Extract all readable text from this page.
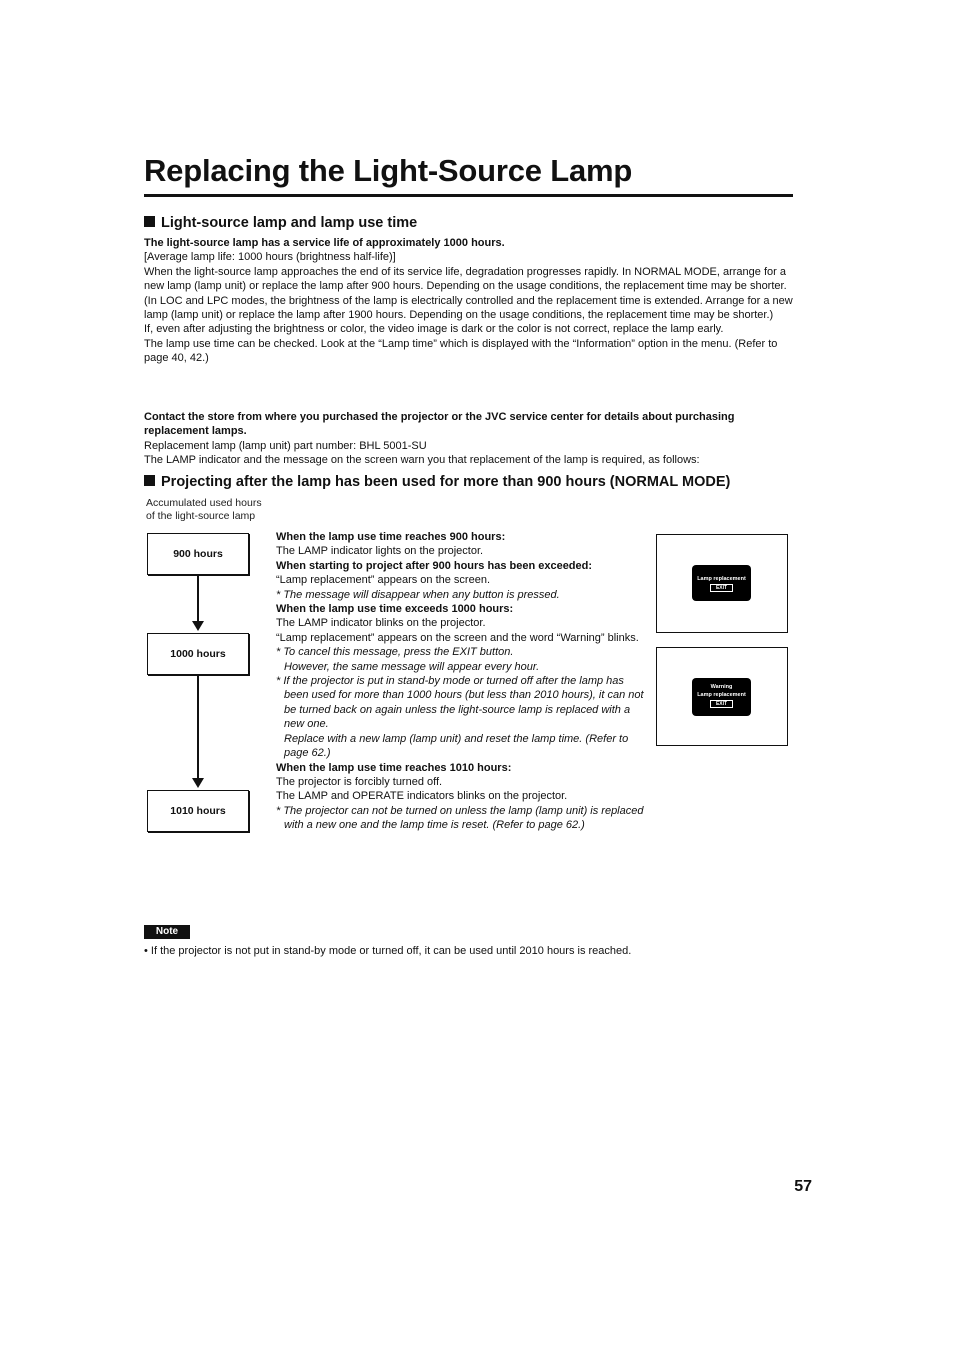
Replacing the Light-Source Lamp
Light-source lamp and lamp use time

The light-source lamp has a service life of approximately 1000 hours.

[Average lamp life: 1000 hours (brightness half-life)]

When the light-source lamp approaches the end of its service life, degradation progresses rapidly. In NORMAL MODE, arrange for a new lamp (lamp unit) or replace the lamp after 900 hours. Depending on the usage conditions, the replacement time may be shorter.

(In LOC and LPC modes, the brightness of the lamp is electrically controlled and the replacement time is extended. Arrange for a new lamp (lamp unit) or replace the lamp after 1900 hours. Depending on the usage conditions, the replacement time may be shorter.)

If, even after adjusting the brightness or color, the video image is dark or the color is not correct, replace the lamp early.

The lamp use time can be checked. Look at the “Lamp time” which is displayed with the “Information” option in the menu. (Refer to page 40, 42.)

Contact the store from where you purchased the projector or the JVC service center for details about purchasing replacement lamps.

Replacement lamp (lamp unit) part number: BHL 5001-SU

The LAMP indicator and the message on the screen warn you that replacement of the lamp is required, as follows:

Projecting after the lamp has been used for more than 900 hours (NORMAL MODE)
Accumulated used hours
of the light-source lamp
900 hours
1000 hours
1010 hours

When the lamp use time reaches 900 hours:

The LAMP indicator lights on the projector.

When starting to project after 900 hours has been exceeded:

“Lamp replacement” appears on the screen.

* The message will disappear when any button is pressed.

When the lamp use time exceeds 1000 hours:

The LAMP indicator blinks on the projector.

“Lamp replacement” appears on the screen and the word “Warning” blinks.

* To cancel this message, press the EXIT button.

However, the same message will appear every hour.

* If the projector is put in stand-by mode or turned off after the lamp has been used for more than 1000 hours (but less than 2010 hours), it can not be turned back on again unless the light-source lamp is replaced with a new one.

Replace with a new lamp (lamp unit) and reset the lamp time. (Refer to page 62.)

When the lamp use time reaches 1010 hours:

The projector is forcibly turned off.

The LAMP and OPERATE indicators blinks on the projector.

* The projector can not be turned on unless the lamp (lamp unit) is replaced with a new one and the lamp time is reset. (Refer to page 62.)

Lamp replacement
EXIT
Warning
Lamp replacement
EXIT
Note
• If the projector is not put in stand-by mode or turned off, it can be used until 2010 hours is reached.
57
